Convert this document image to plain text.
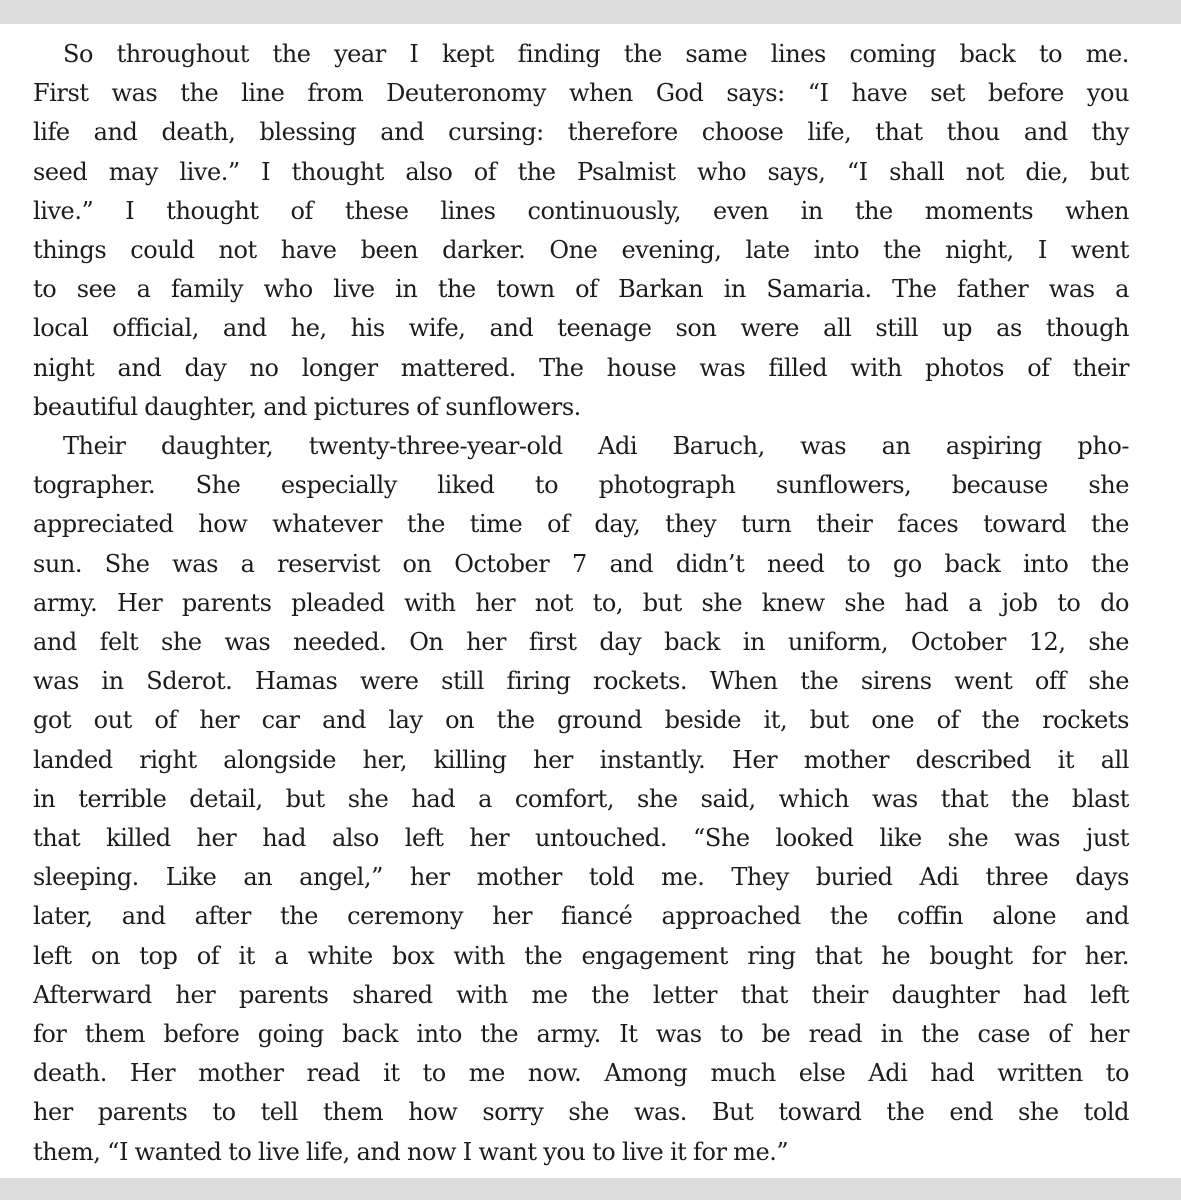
So throughout the year I kept finding the same lines coming back to me.
First was the line from Deuteronomy when God says: “I have set before you
life and death, blessing and cursing: therefore choose life, that thou and thy
seed may live.” I thought also of the Psalmist who says, “I shall not die, but
live.” I thought of these lines continuously, even in the moments when
things could not have been darker. One evening, late into the night, I went
to see a family who live in the town of Barkan in Samaria. The father was a
local official, and he, his wife, and teenage son were all still up as though
night and day no longer mattered. The house was filled with photos of their
beautiful daughter, and pictures of sunflowers.
Their daughter, twenty-three-year-old Adi Baruch, was an aspiring pho-
tographer. She especially liked to photograph sunflowers, because she
appreciated how whatever the time of day, they turn their faces toward the
sun. She was a reservist on October 7 and didn’t need to go back into the
army. Her parents pleaded with her not to, but she knew she had a job to do
and felt she was needed. On her first day back in uniform, October 12, she
was in Sderot. Hamas were still firing rockets. When the sirens went off she
got out of her car and lay on the ground beside it, but one of the rockets
landed right alongside her, killing her instantly. Her mother described it all
in terrible detail, but she had a comfort, she said, which was that the blast
that killed her had also left her untouched. “She looked like she was just
sleeping. Like an angel,” her mother told me. They buried Adi three days
later, and after the ceremony her fiancé approached the coffin alone and
left on top of it a white box with the engagement ring that he bought for her.
Afterward her parents shared with me the letter that their daughter had left
for them before going back into the army. It was to be read in the case of her
death. Her mother read it to me now. Among much else Adi had written to
her parents to tell them how sorry she was. But toward the end she told
them, “I wanted to live life, and now I want you to live it for me.”
